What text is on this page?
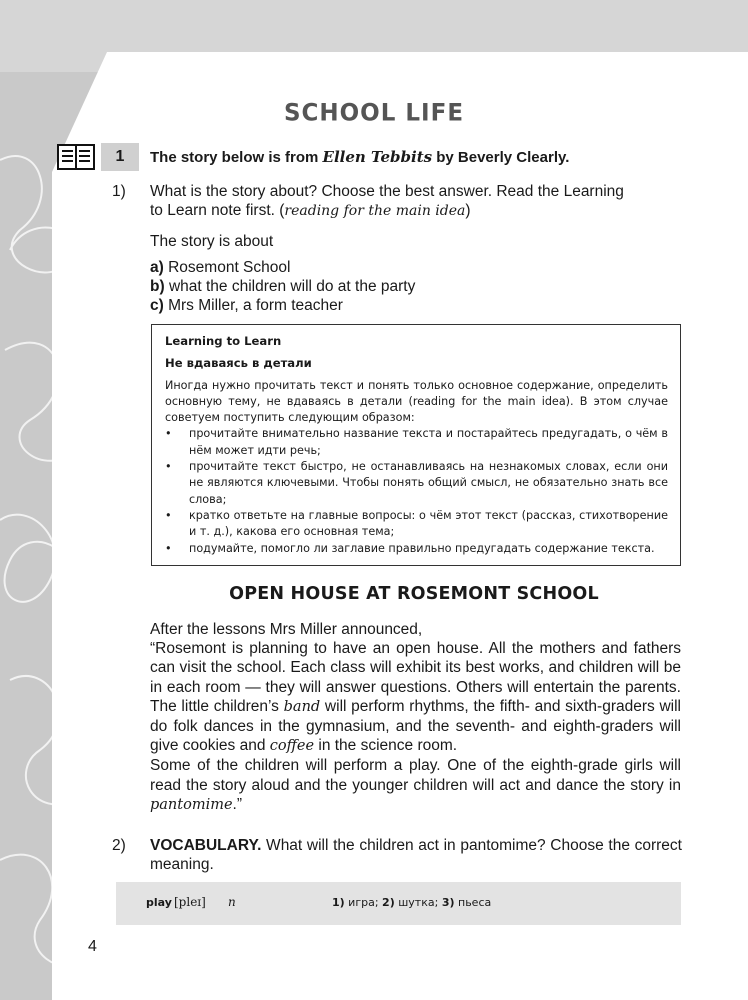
SCHOOL LIFE
1	The story below is from Ellen Tebbits by Beverly Clearly.
1) What is the story about? Choose the best answer. Read the Learning
to Learn note first. (reading for the main idea)
The story is about
a) Rosemont School
b) what the children will do at the party
c) Mrs Miller, a form teacher
Learning to Learn
Не вдаваясь в детали

Иногда нужно прочитать текст и понять только основное содержание, определить основную тему, не вдаваясь в детали (reading for the main idea). В этом случае советуем поступить следующим образом:

• прочитайте внимательно название текста и постарайтесь предугадать, о чём в нём может идти речь;
• прочитайте текст быстро, не останавливаясь на незнакомых словах, если они не являются ключевыми. Чтобы понять общий смысл, не обязательно знать все слова;
• кратко ответьте на главные вопросы: о чём этот текст (рассказ, стихотворение и т. д.), какова его основная тема;
• подумайте, помогло ли заглавие правильно предугадать содержание текста.
OPEN HOUSE AT ROSEMONT SCHOOL
After the lessons Mrs Miller announced,
“Rosemont is planning to have an open house. All the mothers and fathers can visit the school. Each class will exhibit its best works, and children will be in each room — they will answer questions. Others will entertain the parents. The little children’s band will perform rhythms, the fifth- and sixth-graders will do folk dances in the gymnasium, and the seventh- and eighth-graders will give cookies and coffee in the science room.
Some of the children will perform a play. One of the eighth-grade girls will read the story aloud and the younger children will act and dance the story in pantomime.”
2) VOCABULARY. What will the children act in pantomime? Choose the correct meaning.
play [pleɪ] n	1) игра; 2) шутка; 3) пьеса
4
